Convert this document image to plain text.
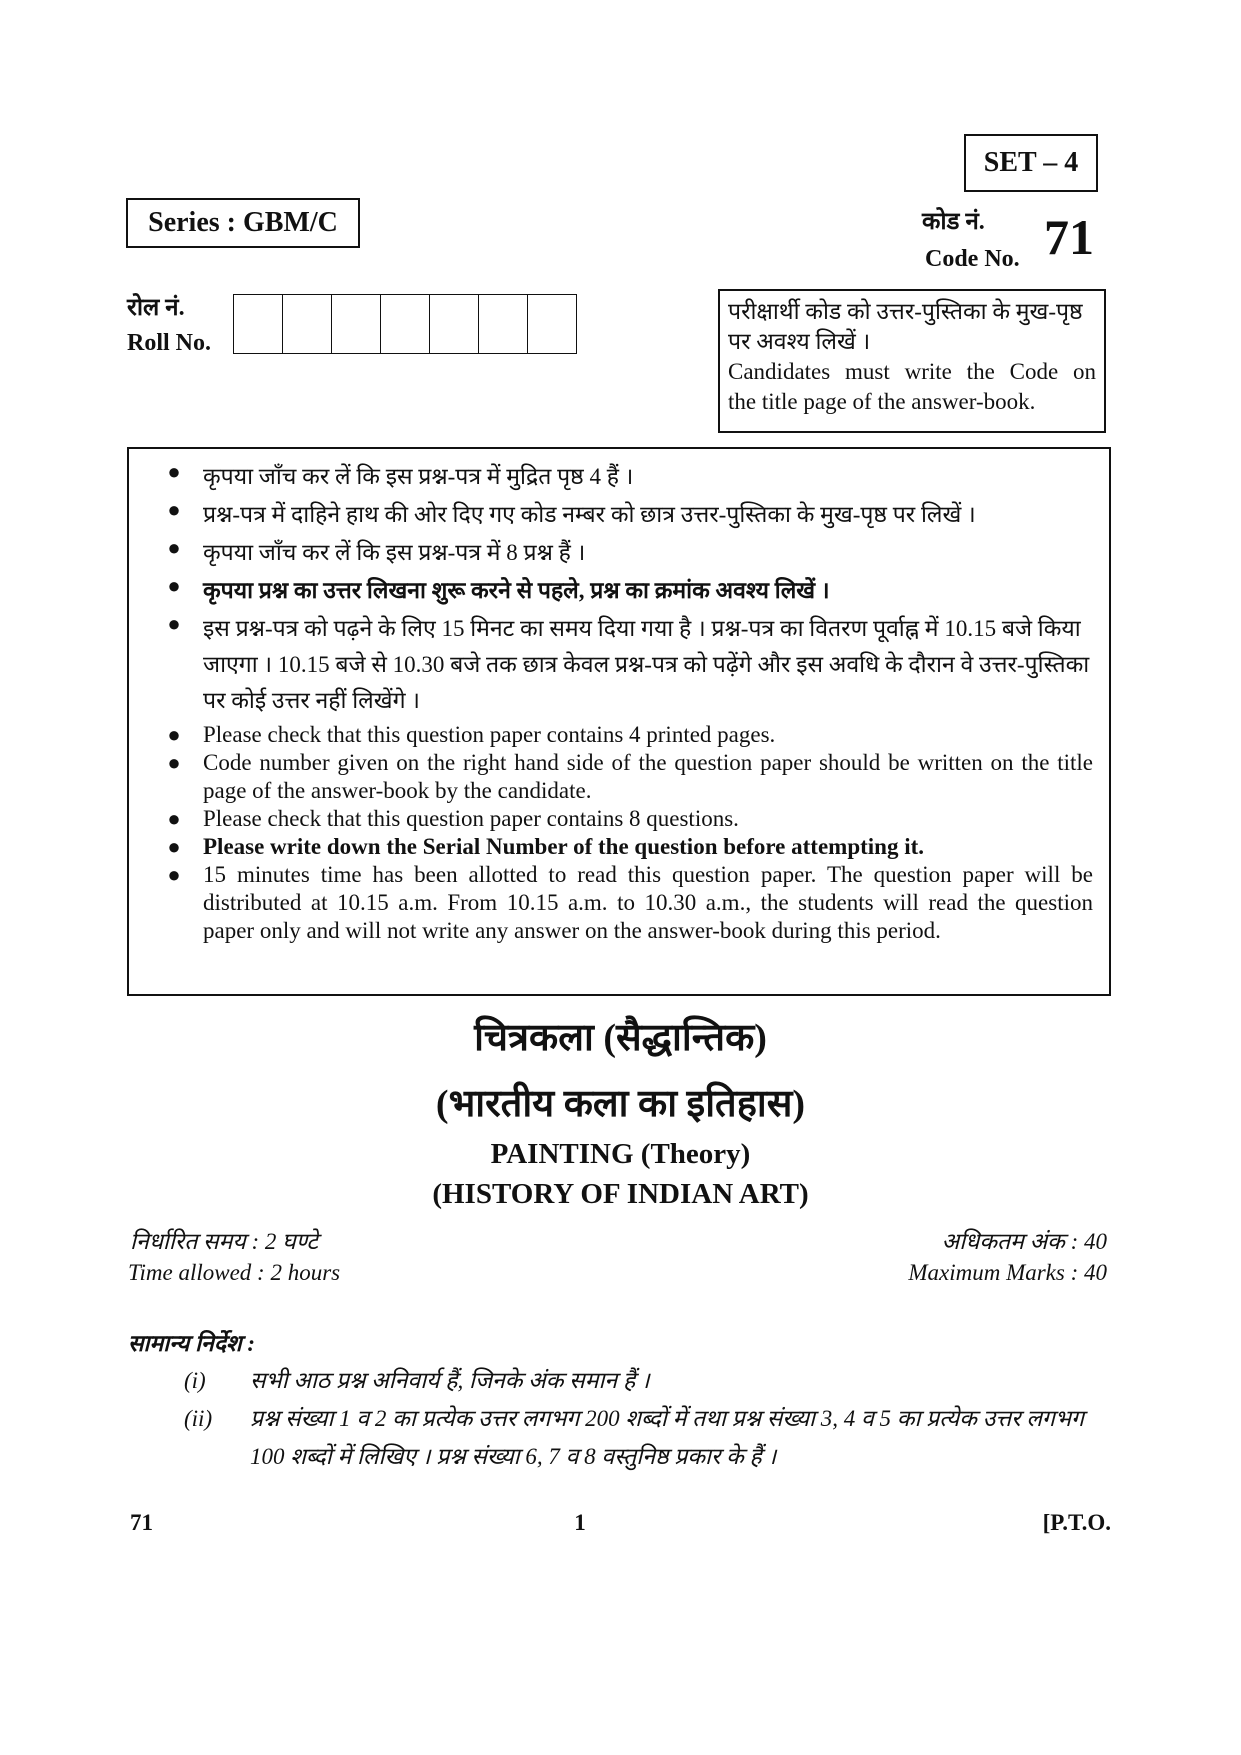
SET – 4
Series : GBM/C	कोड नं.
Code No. 71
रोल नं.
Roll No.
परीक्षार्थी कोड को उत्तर-पुस्तिका के मुख-पृष्ठ
पर अवश्य लिखें ।
Candidates must write the Code on
the title page of the answer-book.
● कृपया जाँच कर लें कि इस प्रश्न-पत्र में मुद्रित पृष्ठ 4 हैं ।
● प्रश्न-पत्र में दाहिने हाथ की ओर दिए गए कोड नम्बर को छात्र उत्तर-पुस्तिका के मुख-पृष्ठ पर लिखें ।
● कृपया जाँच कर लें कि इस प्रश्न-पत्र में 8 प्रश्न हैं ।
● कृपया प्रश्न का उत्तर लिखना शुरू करने से पहले, प्रश्न का क्रमांक अवश्य लिखें ।
● इस प्रश्न-पत्र को पढ़ने के लिए 15 मिनट का समय दिया गया है । प्रश्न-पत्र का वितरण पूर्वाह्न में 10.15 बजे किया जाएगा । 10.15 बजे से 10.30 बजे तक छात्र केवल प्रश्न-पत्र को पढ़ेंगे और इस अवधि के दौरान वे उत्तर-पुस्तिका पर कोई उत्तर नहीं लिखेंगे ।
● Please check that this question paper contains 4 printed pages.
● Code number given on the right hand side of the question paper should be written on the title page of the answer-book by the candidate.
● Please check that this question paper contains 8 questions.
● Please write down the Serial Number of the question before attempting it.
● 15 minutes time has been allotted to read this question paper. The question paper will be distributed at 10.15 a.m. From 10.15 a.m. to 10.30 a.m., the students will read the question paper only and will not write any answer on the answer-book during this period.
चित्रकला (सैद्धान्तिक)
(भारतीय कला का इतिहास)
PAINTING (Theory)
(HISTORY OF INDIAN ART)
निर्धारित समय : 2 घण्टे
Time allowed : 2 hours
अधिकतम अंक : 40
Maximum Marks : 40
सामान्य निर्देश :
(i)	सभी आठ प्रश्न अनिवार्य हैं, जिनके अंक समान हैं ।
(ii)	प्रश्न संख्या 1 व 2 का प्रत्येक उत्तर लगभग 200 शब्दों में तथा प्रश्न संख्या 3, 4 व 5 का प्रत्येक उत्तर लगभग 100 शब्दों में लिखिए । प्रश्न संख्या 6, 7 व 8 वस्तुनिष्ठ प्रकार के हैं ।
71	1	[P.T.O.
